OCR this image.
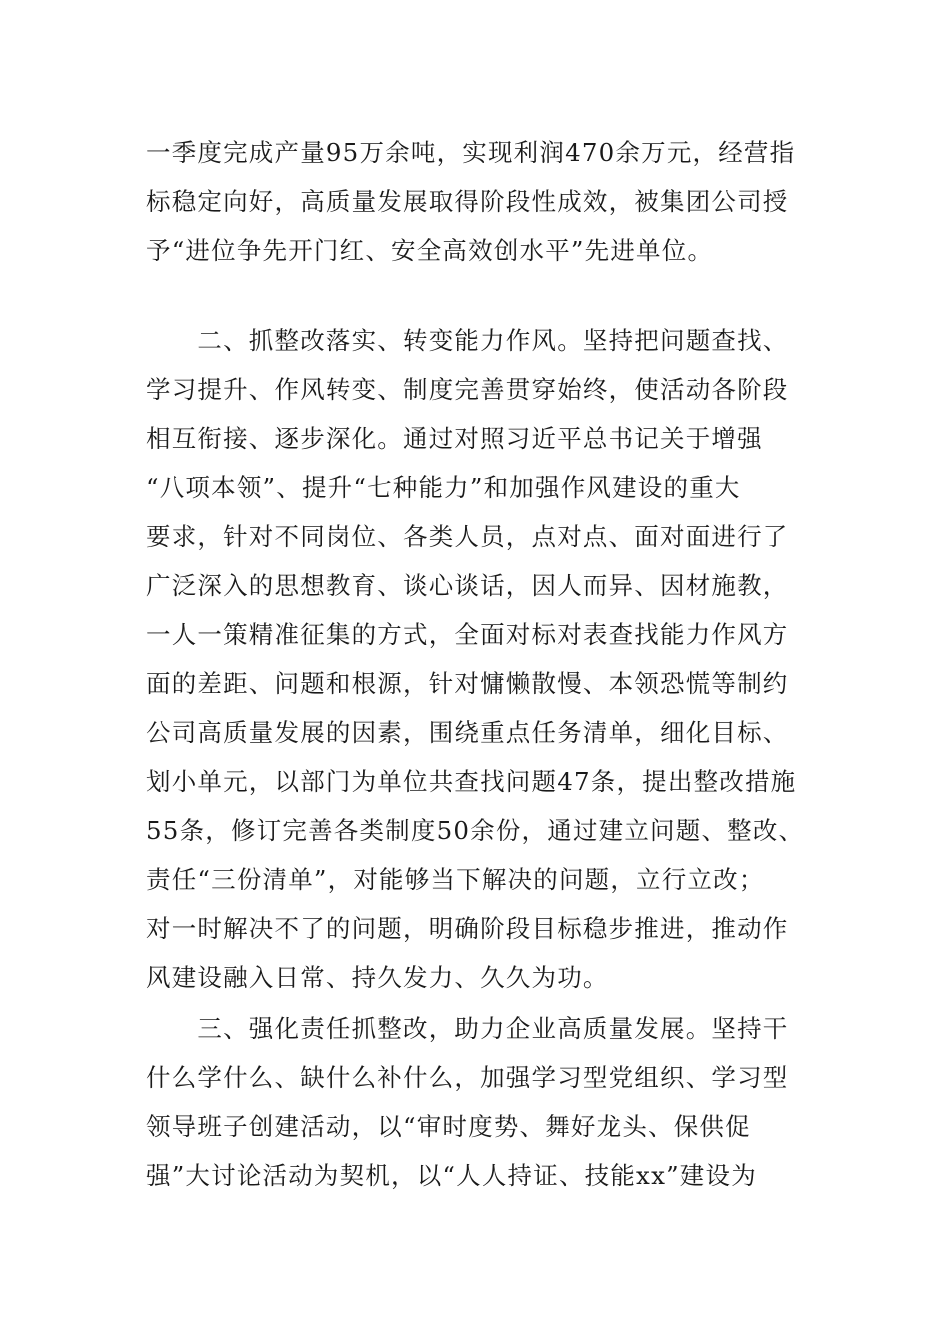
一季度完成产量95万余吨，实现利润470余万元，经营指
标稳定向好，高质量发展取得阶段性成效，被集团公司授
予“进位争先开门红、安全高效创水平”先进单位。

　　二、抓整改落实、转变能力作风。坚持把问题查找、
学习提升、作风转变、制度完善贯穿始终，使活动各阶段
相互衔接、逐步深化。通过对照习近平总书记关于增强
“八项本领”、提升“七种能力”和加强作风建设的重大
要求，针对不同岗位、各类人员，点对点、面对面进行了
广泛深入的思想教育、谈心谈话，因人而异、因材施教，
一人一策精准征集的方式，全面对标对表查找能力作风方
面的差距、问题和根源，针对慵懒散慢、本领恐慌等制约
公司高质量发展的因素，围绕重点任务清单，细化目标、
划小单元，以部门为单位共查找问题47条，提出整改措施
55条，修订完善各类制度50余份，通过建立问题、整改、
责任“三份清单”，对能够当下解决的问题，立行立改；
对一时解决不了的问题，明确阶段目标稳步推进，推动作
风建设融入日常、持久发力、久久为功。

　　三、强化责任抓整改，助力企业高质量发展。坚持干
什么学什么、缺什么补什么，加强学习型党组织、学习型
领导班子创建活动，以“审时度势、舞好龙头、保供促
强”大讨论活动为契机，以“人人持证、技能xx”建设为
